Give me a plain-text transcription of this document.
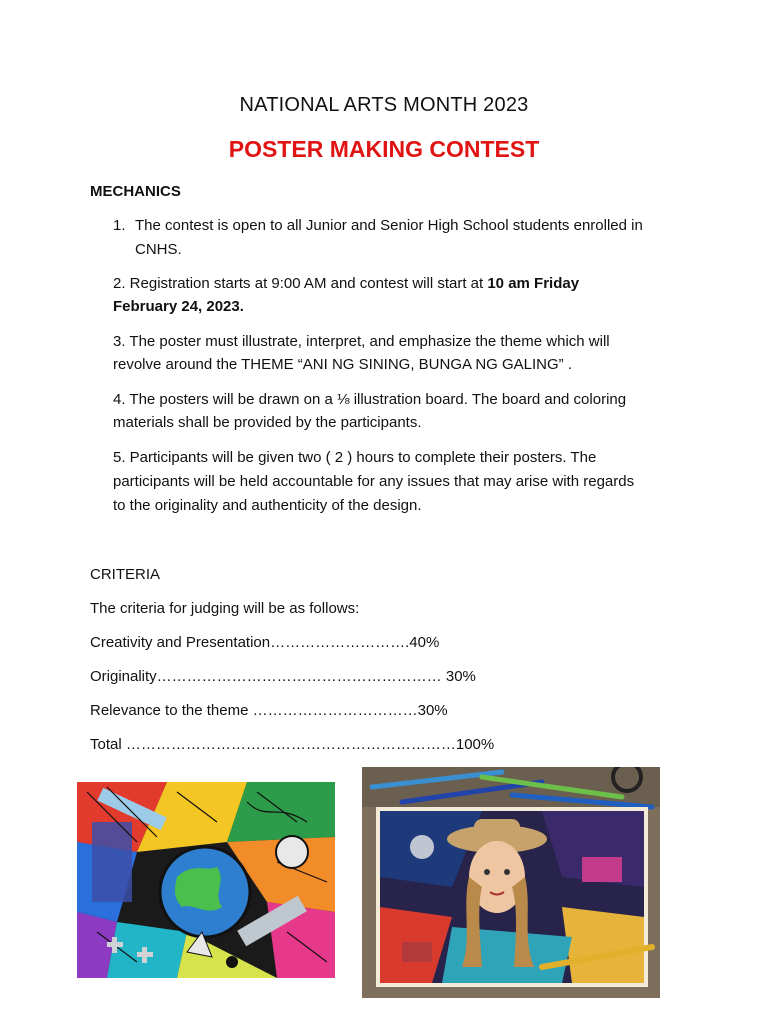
NATIONAL ARTS MONTH 2023
POSTER MAKING CONTEST
MECHANICS
1. The contest is open to all Junior and Senior High School students enrolled in
CNHS.
2. Registration starts at 9:00 AM and contest will start at 10 am Friday
February 24, 2023.
3. The poster must illustrate, interpret, and emphasize the theme which will
revolve around the THEME “ANI NG SINING, BUNGA NG GALING” .
4. The posters will be drawn on a ⅛ illustration board. The board and coloring
materials shall be provided by the participants.
5. Participants will be given two ( 2 ) hours to complete their posters. The
participants will be held accountable for any issues that may arise with regards
to the originality and authenticity of the design.
CRITERIA
The criteria for judging will be as follows:
Creativity and Presentation……………………….40%
Originality………………………………………………… 30%
Relevance to the theme ……………………………30%
Total …………………………………………………………100%
